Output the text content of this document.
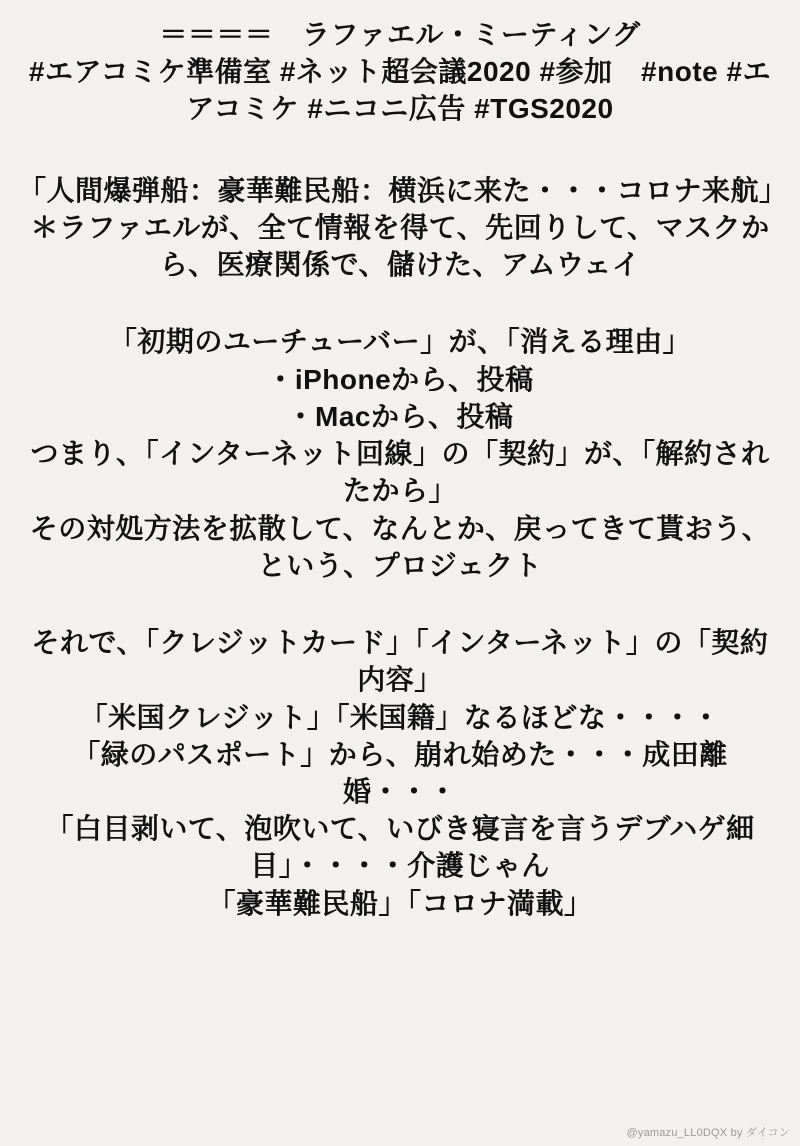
＝＝＝＝　ラファエル・ミーティング
#エアコミケ準備室 #ネット超会議2020 #参加　#note #エアコミケ #ニコニ広告 #TGS2020
「人間爆弾船：豪華難民船：横浜に来た・・・コロナ来航」
＊ラファエルが、全て情報を得て、先回りして、マスクから、医療関係で、儲けた、アムウェイ
「初期のユーチューバー」が、「消える理由」
・iPhoneから、投稿
・Macから、投稿
つまり、「インターネット回線」の「契約」が、「解約されたから」
その対処方法を拡散して、なんとか、戻ってきて貰おう、という、プロジェクト
それで、「クレジットカード」「インターネット」の「契約内容」
「米国クレジット」「米国籍」なるほどな・・・・
「緑のパスポート」から、崩れ始めた・・・成田離婚・・・
「白目剥いて、泡吹いて、いびき寝言を言うデブハゲ細目」・・・・介護じゃん
「豪華難民船」「コロナ満載」
@yamazu_LL0DQX by ダイコン
